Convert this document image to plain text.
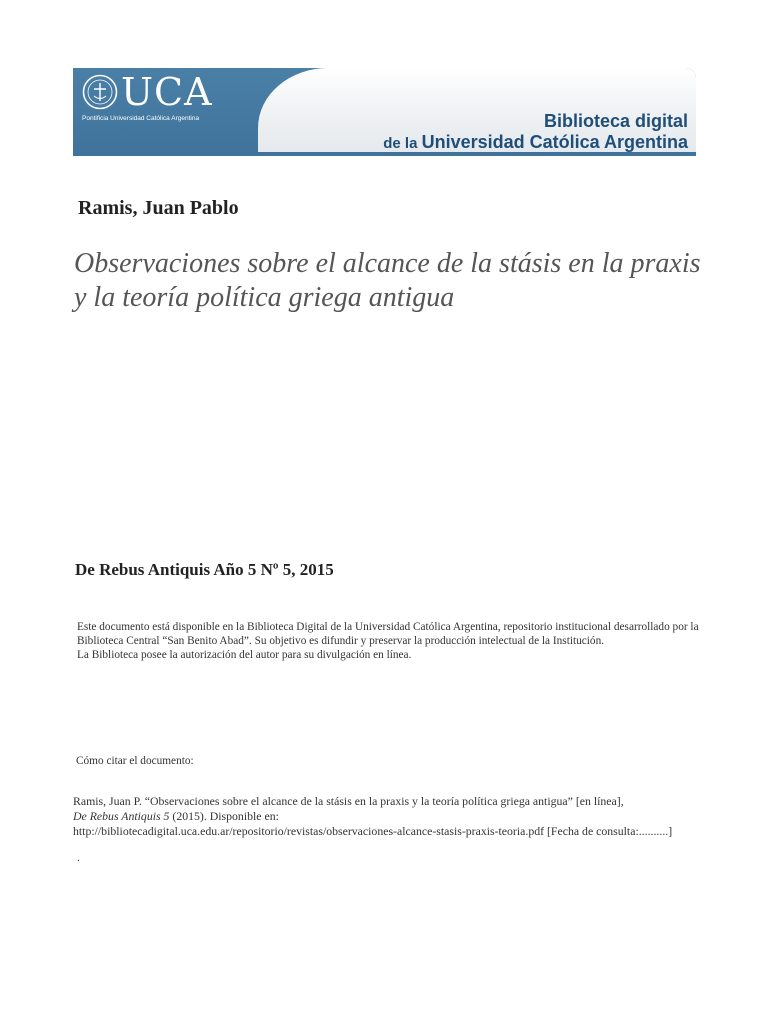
UCA
Pontificia Universidad Católica Argentina	Biblioteca digital
de la Universidad Católica Argentina
Ramis, Juan Pablo
Observaciones sobre el alcance de la stásis en la praxis y la teoría política griega antigua
De Rebus Antiquis Año 5 Nº 5, 2015

Este documento está disponible en la Biblioteca Digital de la Universidad Católica Argentina, repositorio institucional desarrollado por la Biblioteca Central “San Benito Abad”. Su objetivo es difundir y preservar la producción intelectual de la Institución.

La Biblioteca posee la autorización del autor para su divulgación en línea.

Cómo citar el documento:

Ramis, Juan P. “Observaciones sobre el alcance de la stásis en la praxis y la teoría política griega antigua” [en línea],

De Rebus Antiquis 5 (2015). Disponible en:

http://bibliotecadigital.uca.edu.ar/repositorio/revistas/observaciones-alcance-stasis-praxis-teoria.pdf [Fecha de consulta:..........]

.
